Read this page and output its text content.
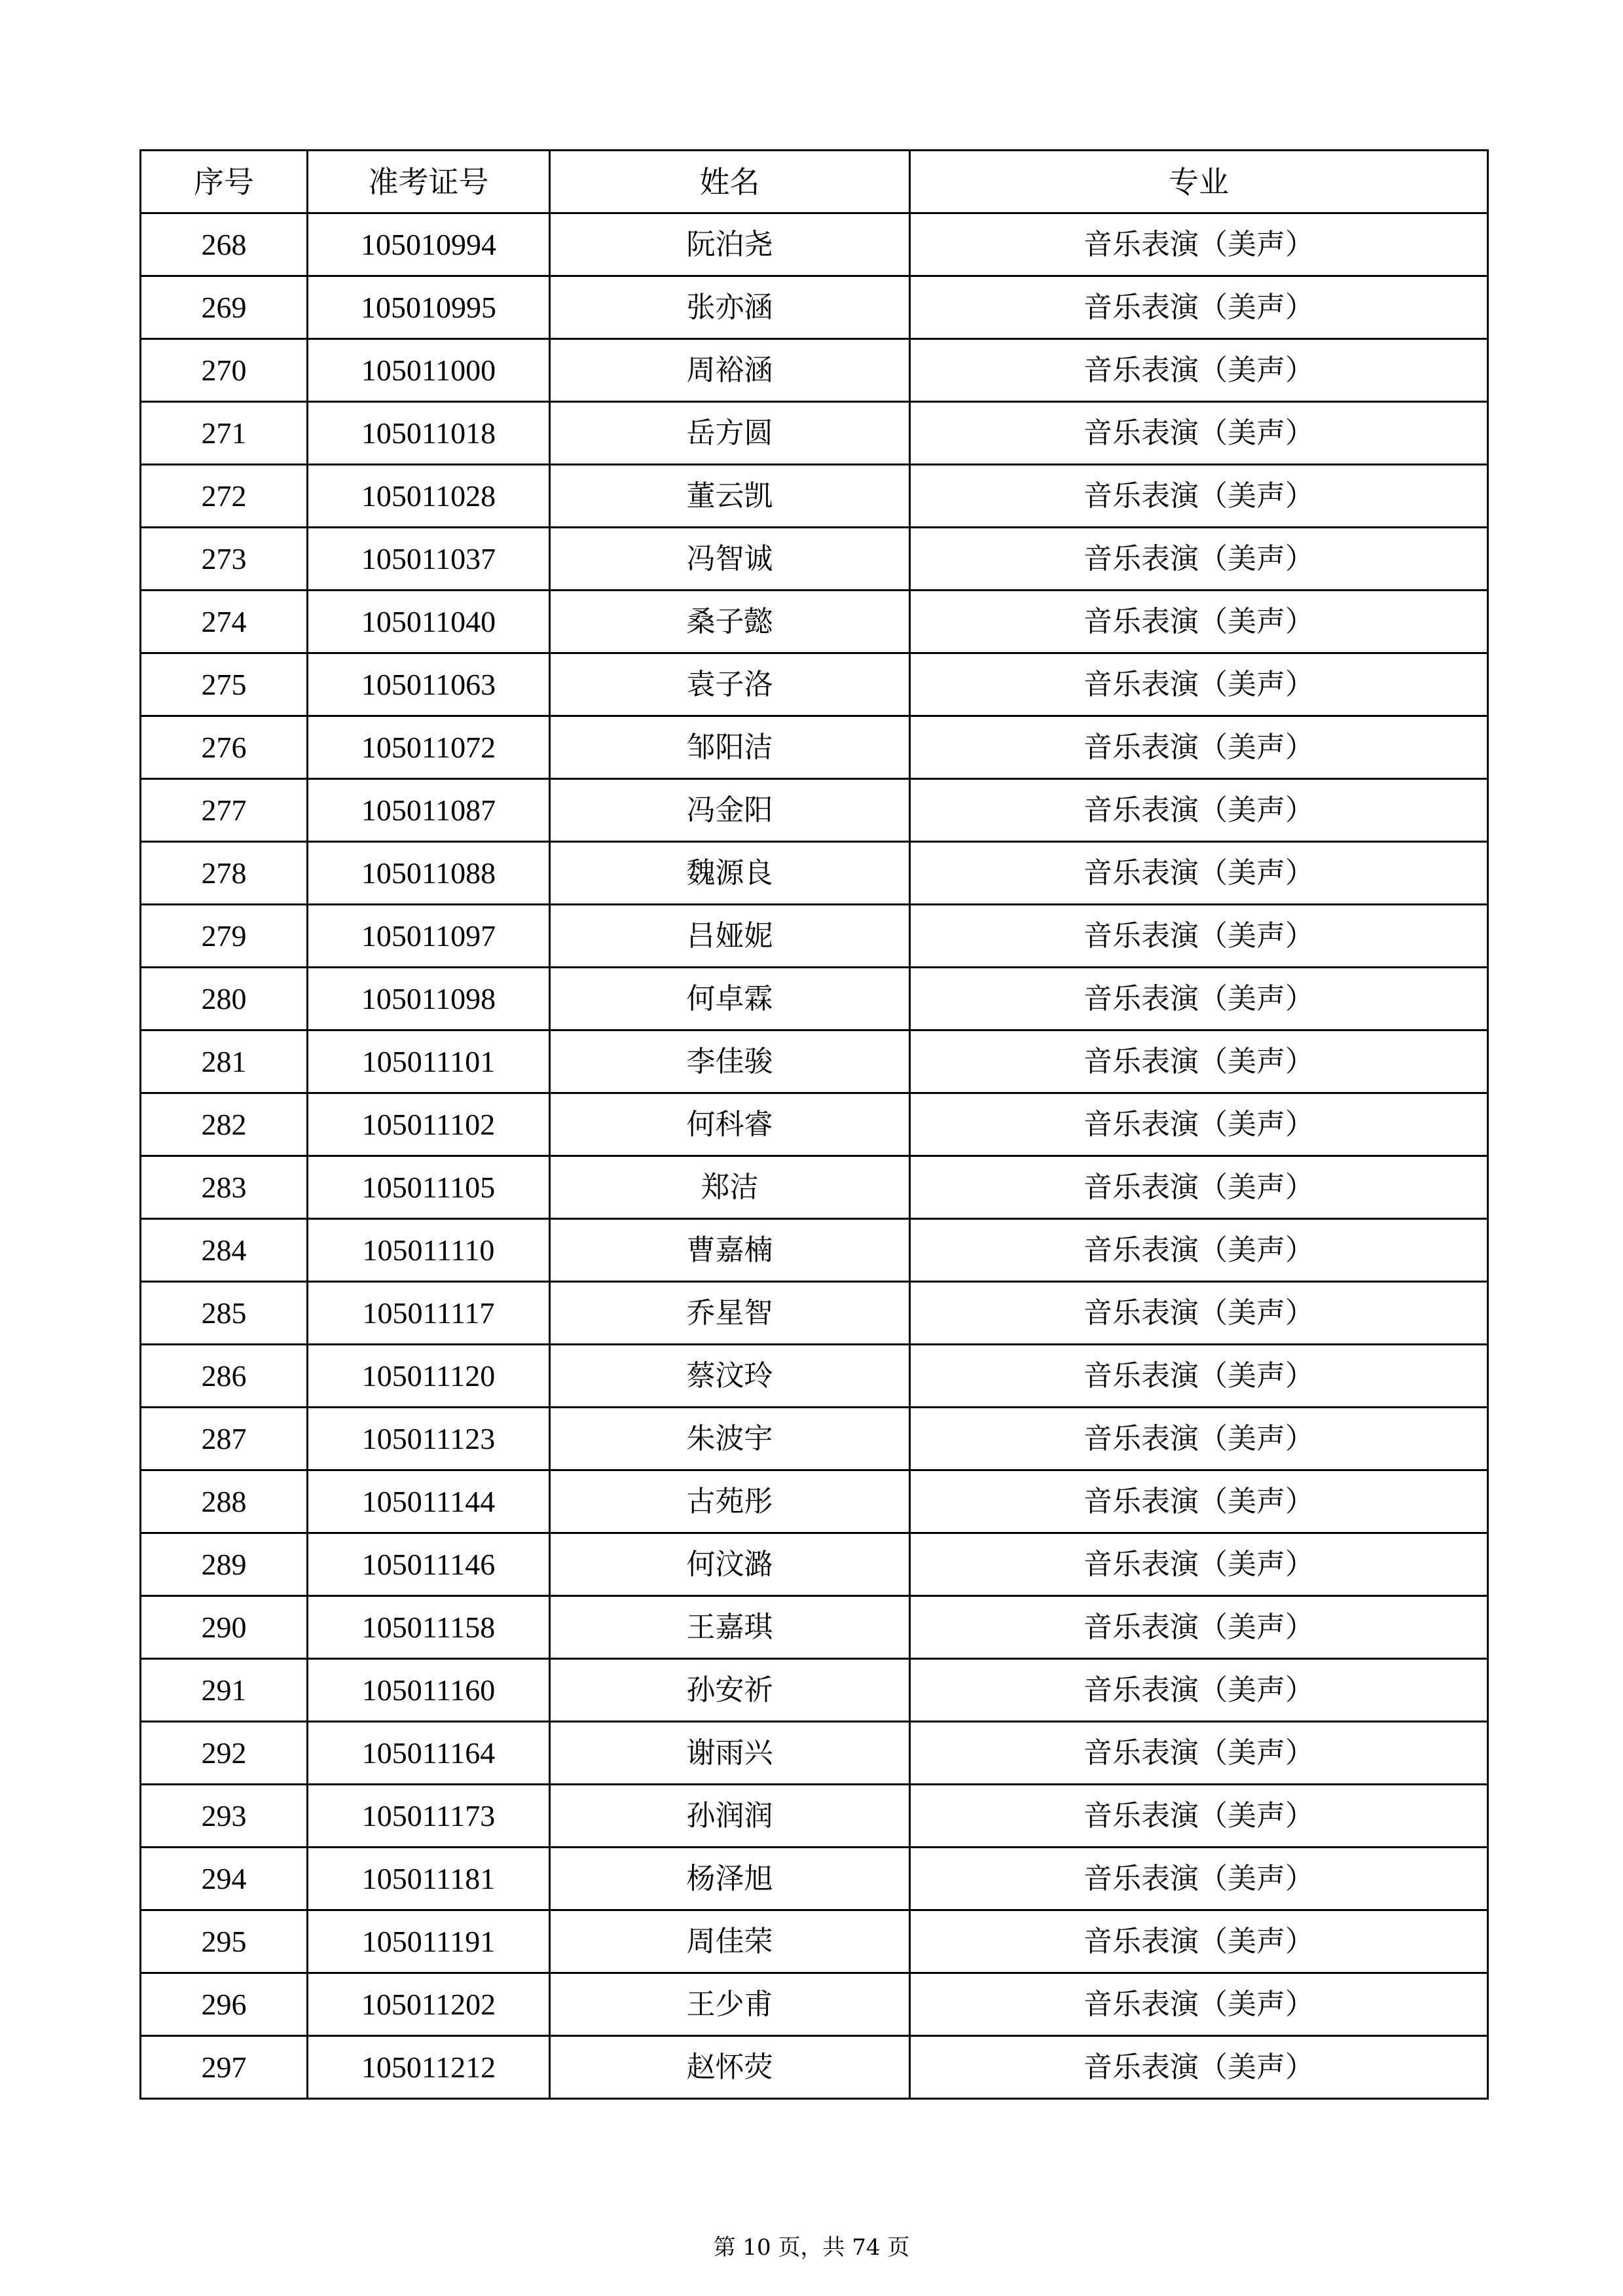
序号	准考证号	姓名	专业
268	105010994	阮泊尧	音乐表演（美声）
269	105010995	张亦涵	音乐表演（美声）
270	105011000	周裕涵	音乐表演（美声）
271	105011018	岳方圆	音乐表演（美声）
272	105011028	董云凯	音乐表演（美声）
273	105011037	冯智诚	音乐表演（美声）
274	105011040	桑子懿	音乐表演（美声）
275	105011063	袁子洛	音乐表演（美声）
276	105011072	邹阳洁	音乐表演（美声）
277	105011087	冯金阳	音乐表演（美声）
278	105011088	魏源良	音乐表演（美声）
279	105011097	吕娅妮	音乐表演（美声）
280	105011098	何卓霖	音乐表演（美声）
281	105011101	李佳骏	音乐表演（美声）
282	105011102	何科睿	音乐表演（美声）
283	105011105	郑洁	音乐表演（美声）
284	105011110	曹嘉楠	音乐表演（美声）
285	105011117	乔星智	音乐表演（美声）
286	105011120	蔡汶玲	音乐表演（美声）
287	105011123	朱波宇	音乐表演（美声）
288	105011144	古苑彤	音乐表演（美声）
289	105011146	何汶潞	音乐表演（美声）
290	105011158	王嘉琪	音乐表演（美声）
291	105011160	孙安祈	音乐表演（美声）
292	105011164	谢雨兴	音乐表演（美声）
293	105011173	孙润润	音乐表演（美声）
294	105011181	杨泽旭	音乐表演（美声）
295	105011191	周佳荣	音乐表演（美声）
296	105011202	王少甫	音乐表演（美声）
297	105011212	赵怀荧	音乐表演（美声）
第 10 页，共 74 页
